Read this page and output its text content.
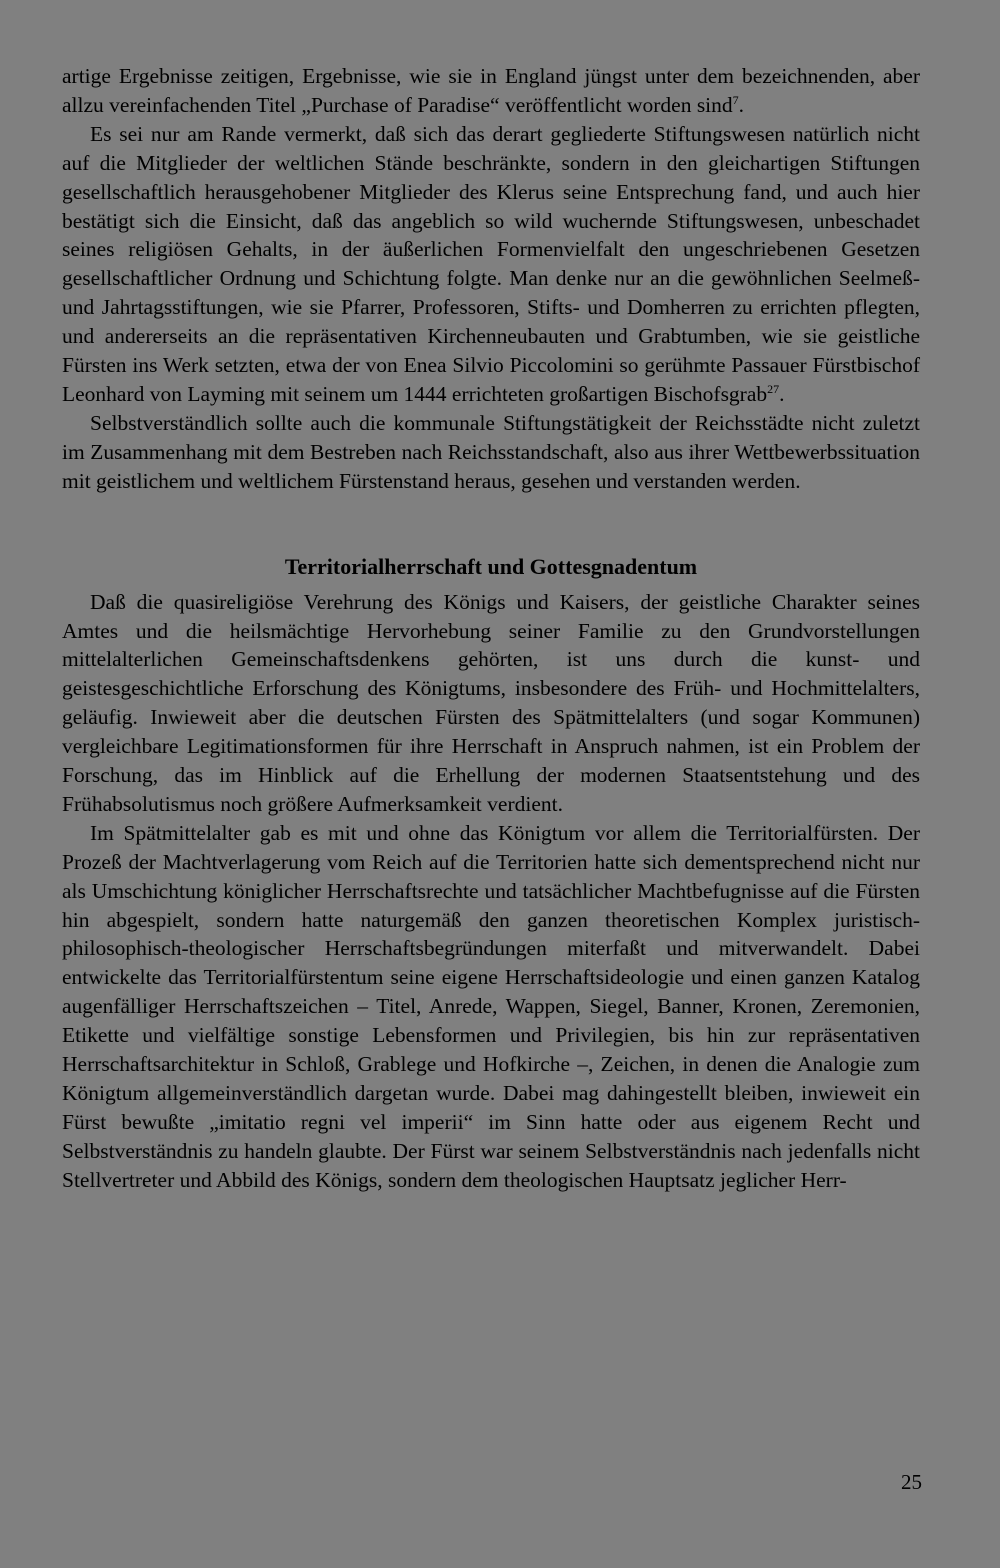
artige Ergebnisse zeitigen, Ergebnisse, wie sie in England jüngst unter dem bezeichnenden, aber allzu vereinfachenden Titel „Purchase of Paradise“ veröffentlicht worden sind$^7$.

Es sei nur am Rande vermerkt, daß sich das derart gegliederte Stiftungswesen natürlich nicht auf die Mitglieder der weltlichen Stände beschränkte, sondern in den gleichartigen Stiftungen gesellschaftlich herausgehobener Mitglieder des Klerus seine Entsprechung fand, und auch hier bestätigt sich die Einsicht, daß das angeblich so wild wuchernde Stiftungswesen, unbeschadet seines religiösen Gehalts, in der äußerlichen Formenvielfalt den ungeschriebenen Gesetzen gesellschaftlicher Ordnung und Schichtung folgte. Man denke nur an die gewöhnlichen Seelmeß- und Jahrtagsstiftungen, wie sie Pfarrer, Professoren, Stifts- und Domherren zu errichten pflegten, und andererseits an die repräsentativen Kirchenneubauten und Grabtumben, wie sie geistliche Fürsten ins Werk setzten, etwa der von Enea Silvio Piccolomini so gerühmte Passauer Fürstbischof Leonhard von Layming mit seinem um 1444 errichteten großartigen Bischofsgrab$^{27}$.

Selbstverständlich sollte auch die kommunale Stiftungstätigkeit der Reichsstädte nicht zuletzt im Zusammenhang mit dem Bestreben nach Reichsstandschaft, also aus ihrer Wettbewerbssituation mit geistlichem und weltlichem Fürstenstand heraus, gesehen und verstanden werden.

Territorialherrschaft und Gottesgnadentum

Daß die quasireligiöse Verehrung des Königs und Kaisers, der geistliche Charakter seines Amtes und die heilsmächtige Hervorhebung seiner Familie zu den Grundvorstellungen mittelalterlichen Gemeinschaftsdenkens gehörten, ist uns durch die kunst- und geistesgeschichtliche Erforschung des Königtums, insbesondere des Früh- und Hochmittelalters, geläufig. Inwieweit aber die deutschen Fürsten des Spätmittelalters (und sogar Kommunen) vergleichbare Legitimationsformen für ihre Herrschaft in Anspruch nahmen, ist ein Problem der Forschung, das im Hinblick auf die Erhellung der modernen Staatsentstehung und des Frühabsolutismus noch größere Aufmerksamkeit verdient.

Im Spätmittelalter gab es mit und ohne das Königtum vor allem die Territorialfürsten. Der Prozeß der Machtverlagerung vom Reich auf die Territorien hatte sich dementsprechend nicht nur als Umschichtung königlicher Herrschaftsrechte und tatsächlicher Machtbefugnisse auf die Fürsten hin abgespielt, sondern hatte naturgemäß den ganzen theoretischen Komplex juristisch-philosophisch-theologischer Herrschaftsbegründungen miterfaßt und mitverwandelt. Dabei entwickelte das Territorialfürstentum seine eigene Herrschaftsideologie und einen ganzen Katalog augenfälliger Herrschaftszeichen – Titel, Anrede, Wappen, Siegel, Banner, Kronen, Zeremonien, Etikette und vielfältige sonstige Lebensformen und Privilegien, bis hin zur repräsentativen Herrschaftsarchitektur in Schloß, Grablege und Hofkirche –, Zeichen, in denen die Analogie zum Königtum allgemeinverständlich dargetan wurde. Dabei mag dahingestellt bleiben, inwieweit ein Fürst bewußte „imitatio regni vel imperii“ im Sinn hatte oder aus eigenem Recht und Selbstverständnis zu handeln glaubte. Der Fürst war seinem Selbstverständnis nach jedenfalls nicht Stellvertreter und Abbild des Königs, sondern dem theologischen Hauptsatz jeglicher Herr-

25
